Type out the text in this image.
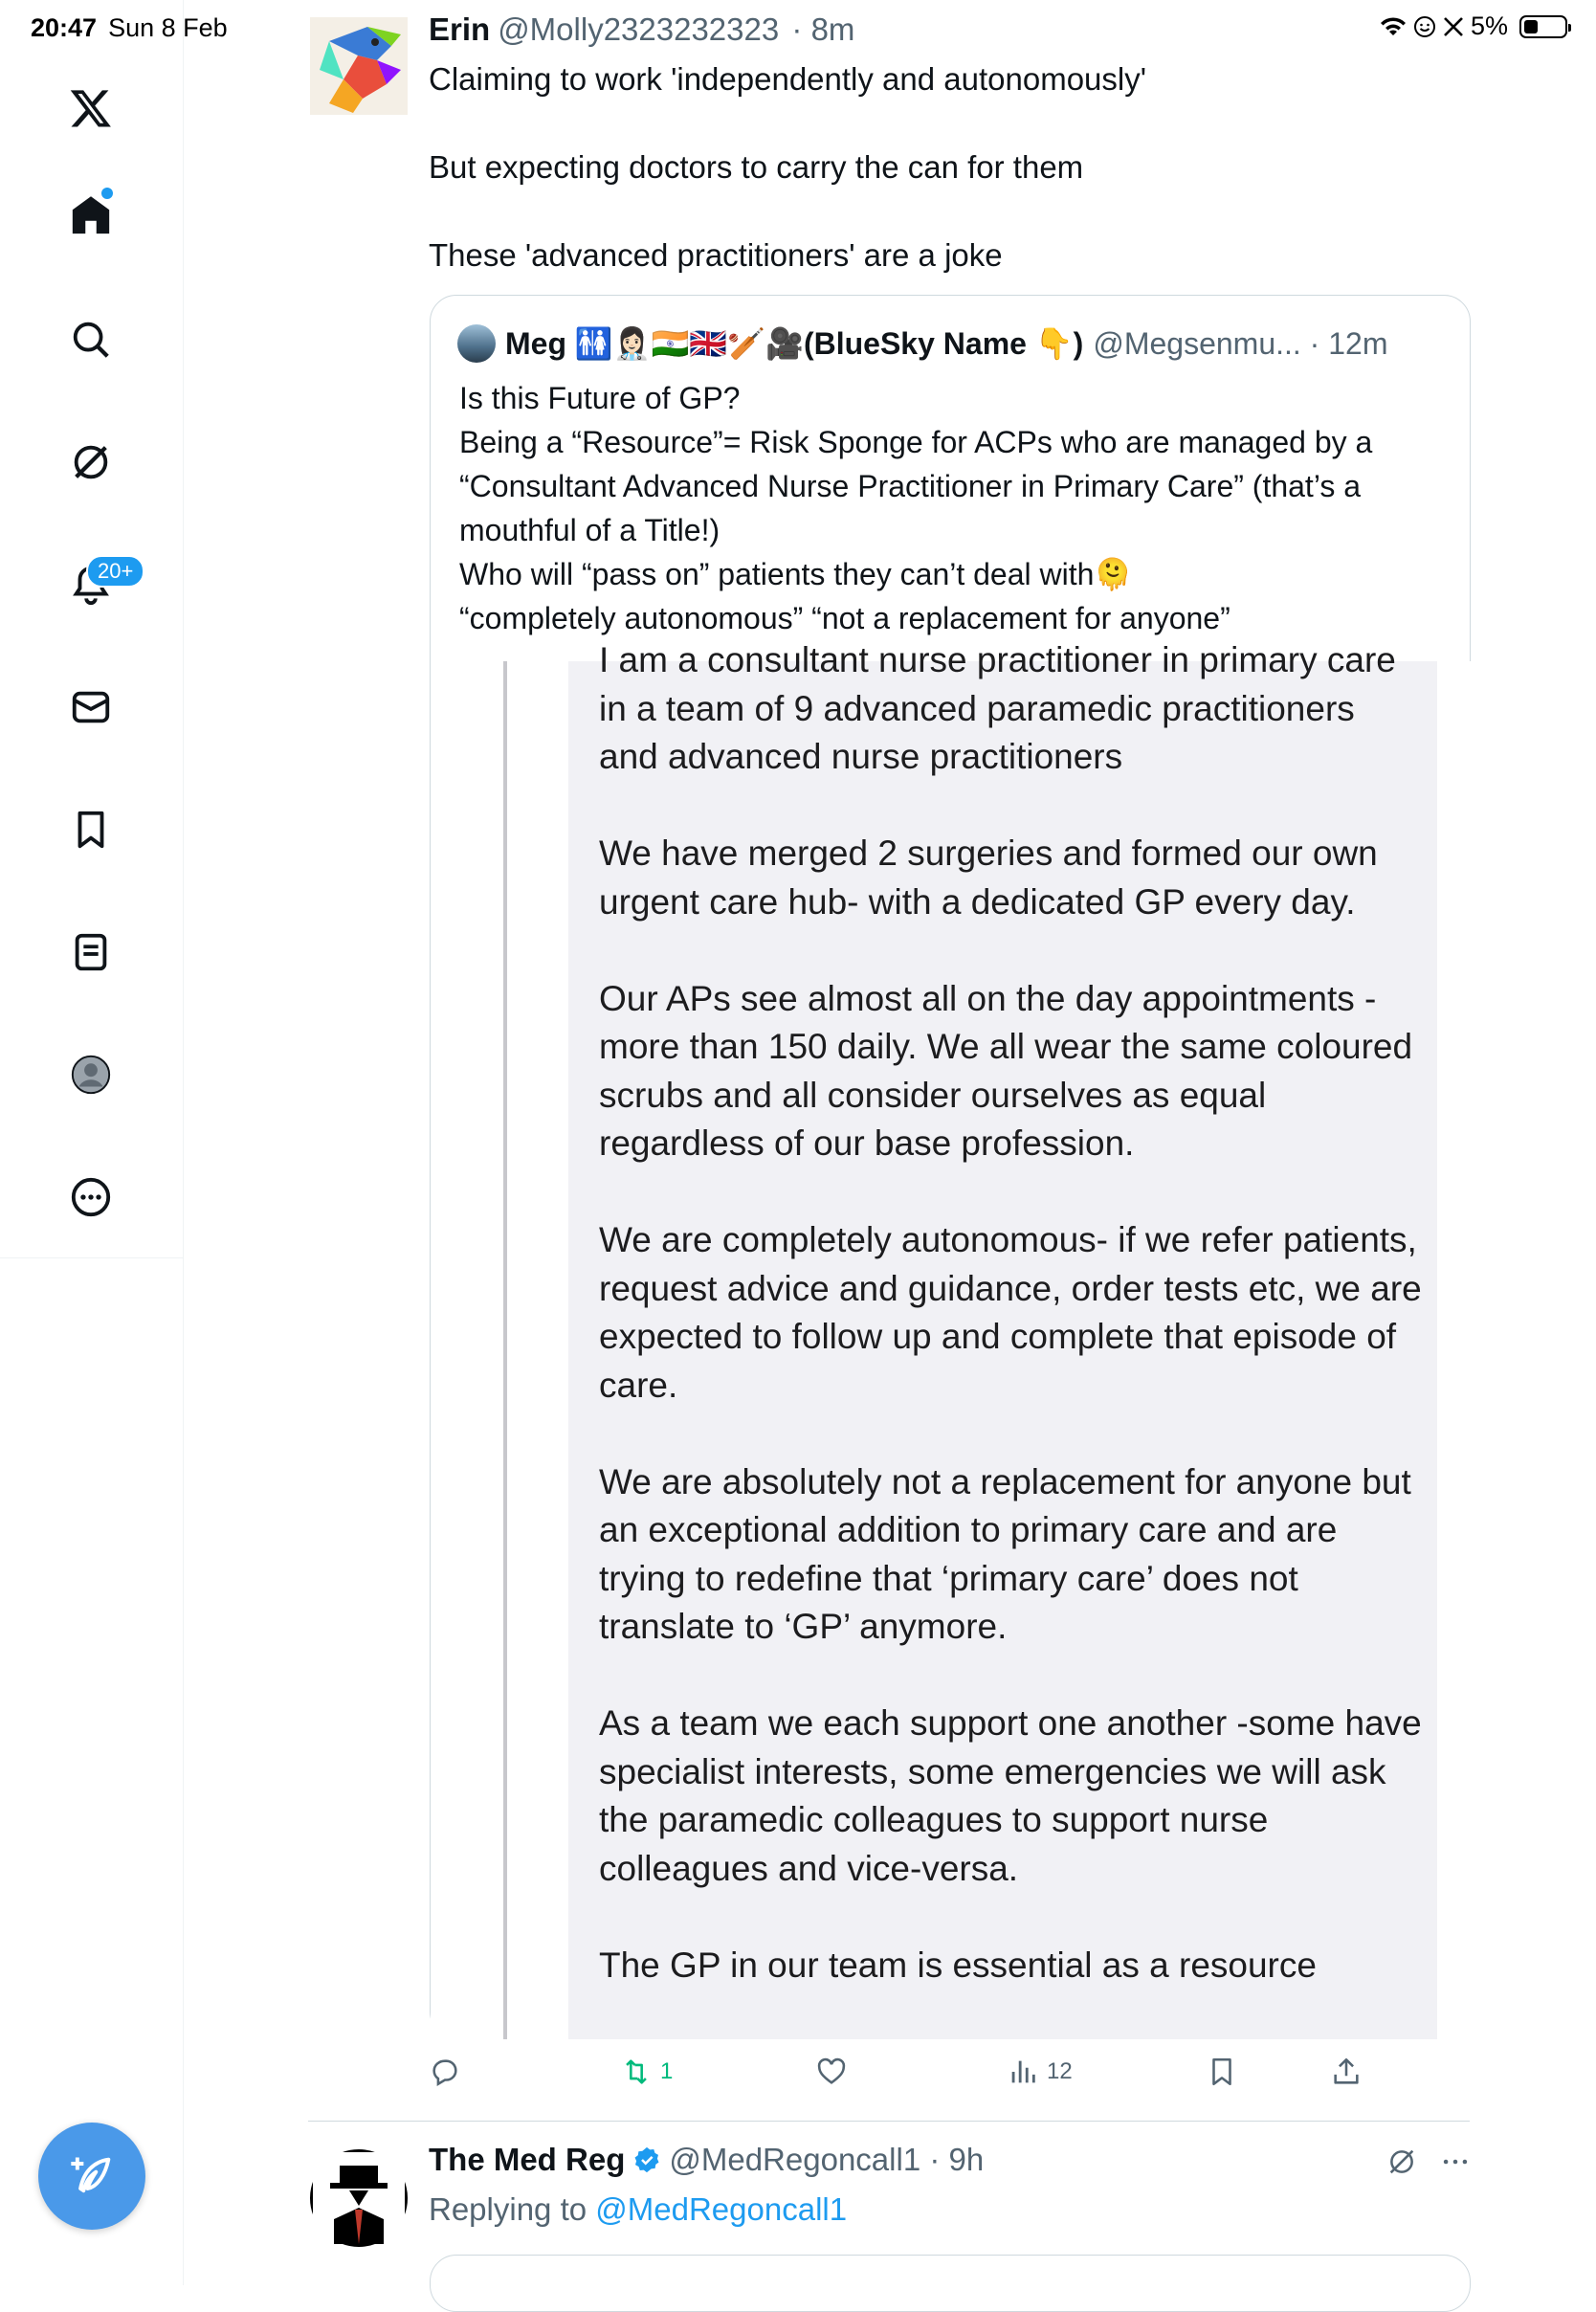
20:47 Sun 8 Feb	5%
20+
Erin @Molly2323232323 · 8m

Claiming to work 'independently and autonomously'

But expecting doctors to carry the can for them

These 'advanced practitioners' are a joke

Meg 🚻👩🏻‍⚕️🇮🇳🇬🇧🏏🎥(BlueSky Name 👇) @Megsenmu... · 12m

Is this Future of GP?

Being a “Resource”= Risk Sponge for ACPs who are managed by a “Consultant Advanced Nurse Practitioner in Primary Care” (that’s a mouthful of a Title!)

Who will “pass on” patients they can’t deal with🫠

“completely autonomous” “not a replacement for anyone”

I am a consultant nurse practitioner in primary care in a team of 9 advanced paramedic practitioners and advanced nurse practitioners

We have merged 2 surgeries and formed our own urgent care hub- with a dedicated GP every day.

Our APs see almost all on the day appointments -more than 150 daily. We all wear the same coloured scrubs and all consider ourselves as equal regardless of our base profession.

We are completely autonomous- if we refer patients, request advice and guidance, order tests etc, we are expected to follow up and complete that episode of care.

We are absolutely not a replacement for anyone but an exceptional addition to primary care and are trying to redefine that ‘primary care’ does not translate to ‘GP’ anymore.

As a team we each support one another -some have specialist interests, some emergencies we will ask the paramedic colleagues to support nurse colleagues and vice-versa.

The GP in our team is essential as a resource

1	12
The Med Reg @MedRegoncall1 · 9h
Replying to @MedRegoncall1
